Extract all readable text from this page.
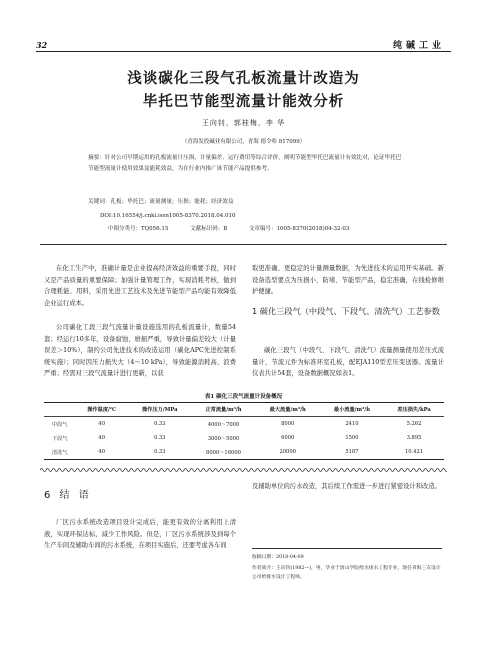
32	纯碱工业
浅谈碳化三段气孔板流量计改造为
毕托巴节能型流量计能效分析
王向钊，郭桂梅，李 华
（青海发投碱业有限公司，青海 德令哈 817099）
摘要：针对公司早期运用的孔板流量计压损、计量偏差、运行费用等综合评价，阐明节能型毕托巴流量计有效比对，论证毕托巴节能型流量计使用效果及能耗效益，为在行业内推广该节能产品提供参考。
关键词：孔板；毕托巴；流量测量；压损；能耗；经济效益
DOI:10.16554/j.cnki.issn1005-8370.2018.04.010
中图分类号：TQ056.15	文献标识码：B	文章编号：1005-8370(2018)04-32-03
在化工生产中，准确计量是企业提高经济效益的重要手段，同时又是产品质量的重要保障；加强计量管理工作，实现消耗考核，做到合理耗能、用料，采用先进工艺技术及先进节能型产品均能有效降低企业运行成本。
公司碳化工段三段气流量计量设施选用的孔板流量计，数量54套；经运行10多年，设备腐蚀、磨损严重，导致计量偏差较大（计量误差＞10%），制约公司先进技术的改造运用（碳化APC先进控制系统实施）；同时因压力损失大（4～10 kPa），导致能源消耗高、浪费严重；经需对三段气流量计进行更新，以获
取更准确、更稳定的计量测量数据，为先进技术的运用开实基础。新设备选型要点为压损小、防堵、节能型产品，稳定准确，在线检修维护便捷。
1 碳化三段气（中段气、下段气、清洗气）工艺参数
碳化三段气（中段气、下段气、清洗气）流量测量使用差压式流量计，节流元件为标准环室孔板，配EJA110型差压变送器。流量计仪表共计54套，设备数据概况如表1。
表1 碳化三段气流量计设备概况
	操作温度/℃	操作压力/MPa	正常流量/m³/h	最大流量/m³/h	最小流量/m³/h	差压损失/kPa
中段气	40	0.33	4000～7000	8000	2410	5.262
下段气	40	0.33	3000～5000	6000	1500	3.895
清洗气	40	0.33	8000～16000	20000	5187	10.421
6 结 语
厂区污水系统改造项目设计完成后，能更有效的分离利用上清液，实现环保达标，减少工作风险。但是，厂区污水系统涉及到每个生产车间及辅助车间的污水系统，在项目实施后，还要考虑各车间
及辅助单位的污水改造，其后续工作需进一步进行紧密设计和改造。
收稿日期：2018-04-09
作者简介：王向钊(1982—)，男，毕业于唐山学院给水排水工程专业，现任青海三友设计公司给排水设计工程师。
